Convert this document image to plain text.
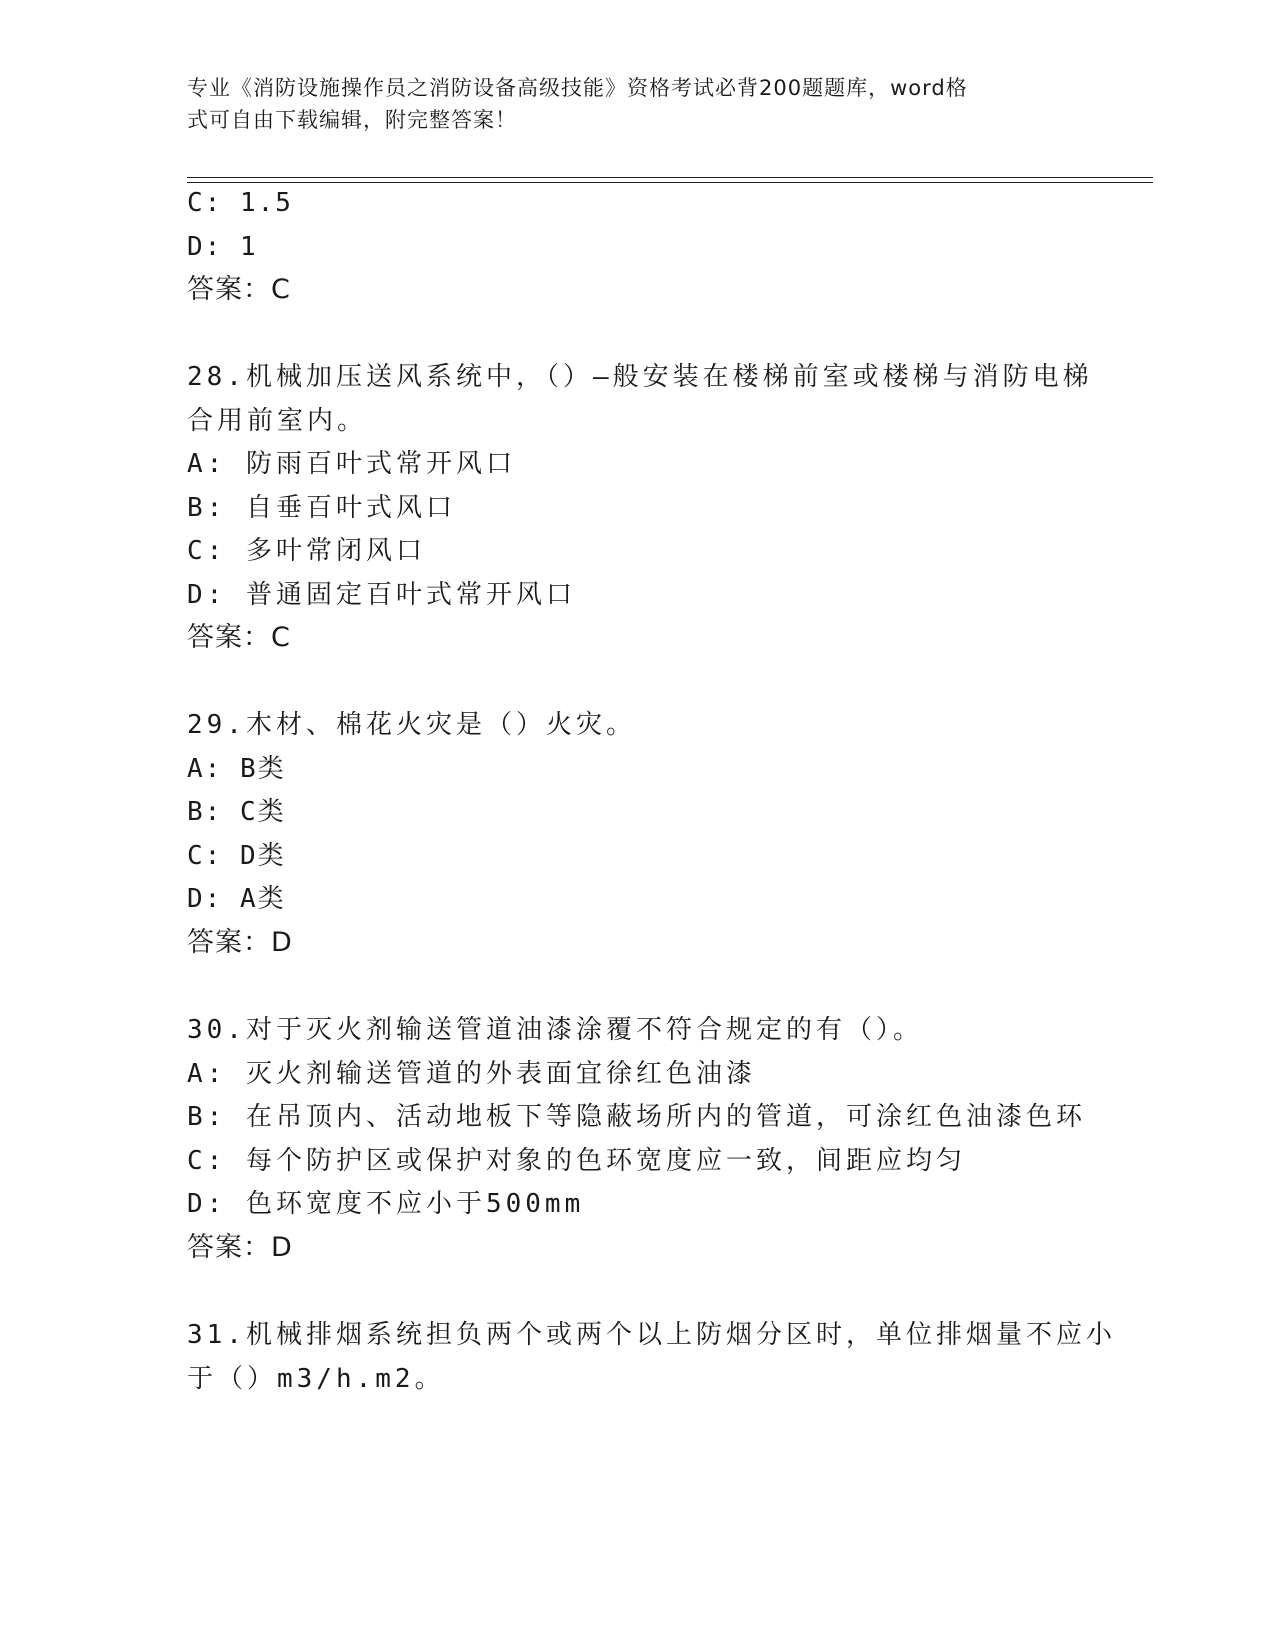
专业《消防设施操作员之消防设备高级技能》资格考试必背200题题库，word格
式可自由下载编辑，附完整答案！
C: 1.5
D: 1
答案：C
28.机械加压送风系统中，（）—般安装在楼梯前室或楼梯与消防电梯
合用前室内。
A: 防雨百叶式常开风口
B: 自垂百叶式风口
C: 多叶常闭风口
D: 普通固定百叶式常开风口
答案：C
29.木材、棉花火灾是（）火灾。
A: B类
B: C类
C: D类
D: A类
答案：D
30.对于灭火剂输送管道油漆涂覆不符合规定的有（）。
A: 灭火剂输送管道的外表面宜徐红色油漆
B: 在吊顶内、活动地板下等隐蔽场所内的管道，可涂红色油漆色环
C: 每个防护区或保护对象的色环宽度应一致，间距应均匀
D: 色环宽度不应小于500mm
答案：D
31.机械排烟系统担负两个或两个以上防烟分区时，单位排烟量不应小
于（）m3/h.m2。
